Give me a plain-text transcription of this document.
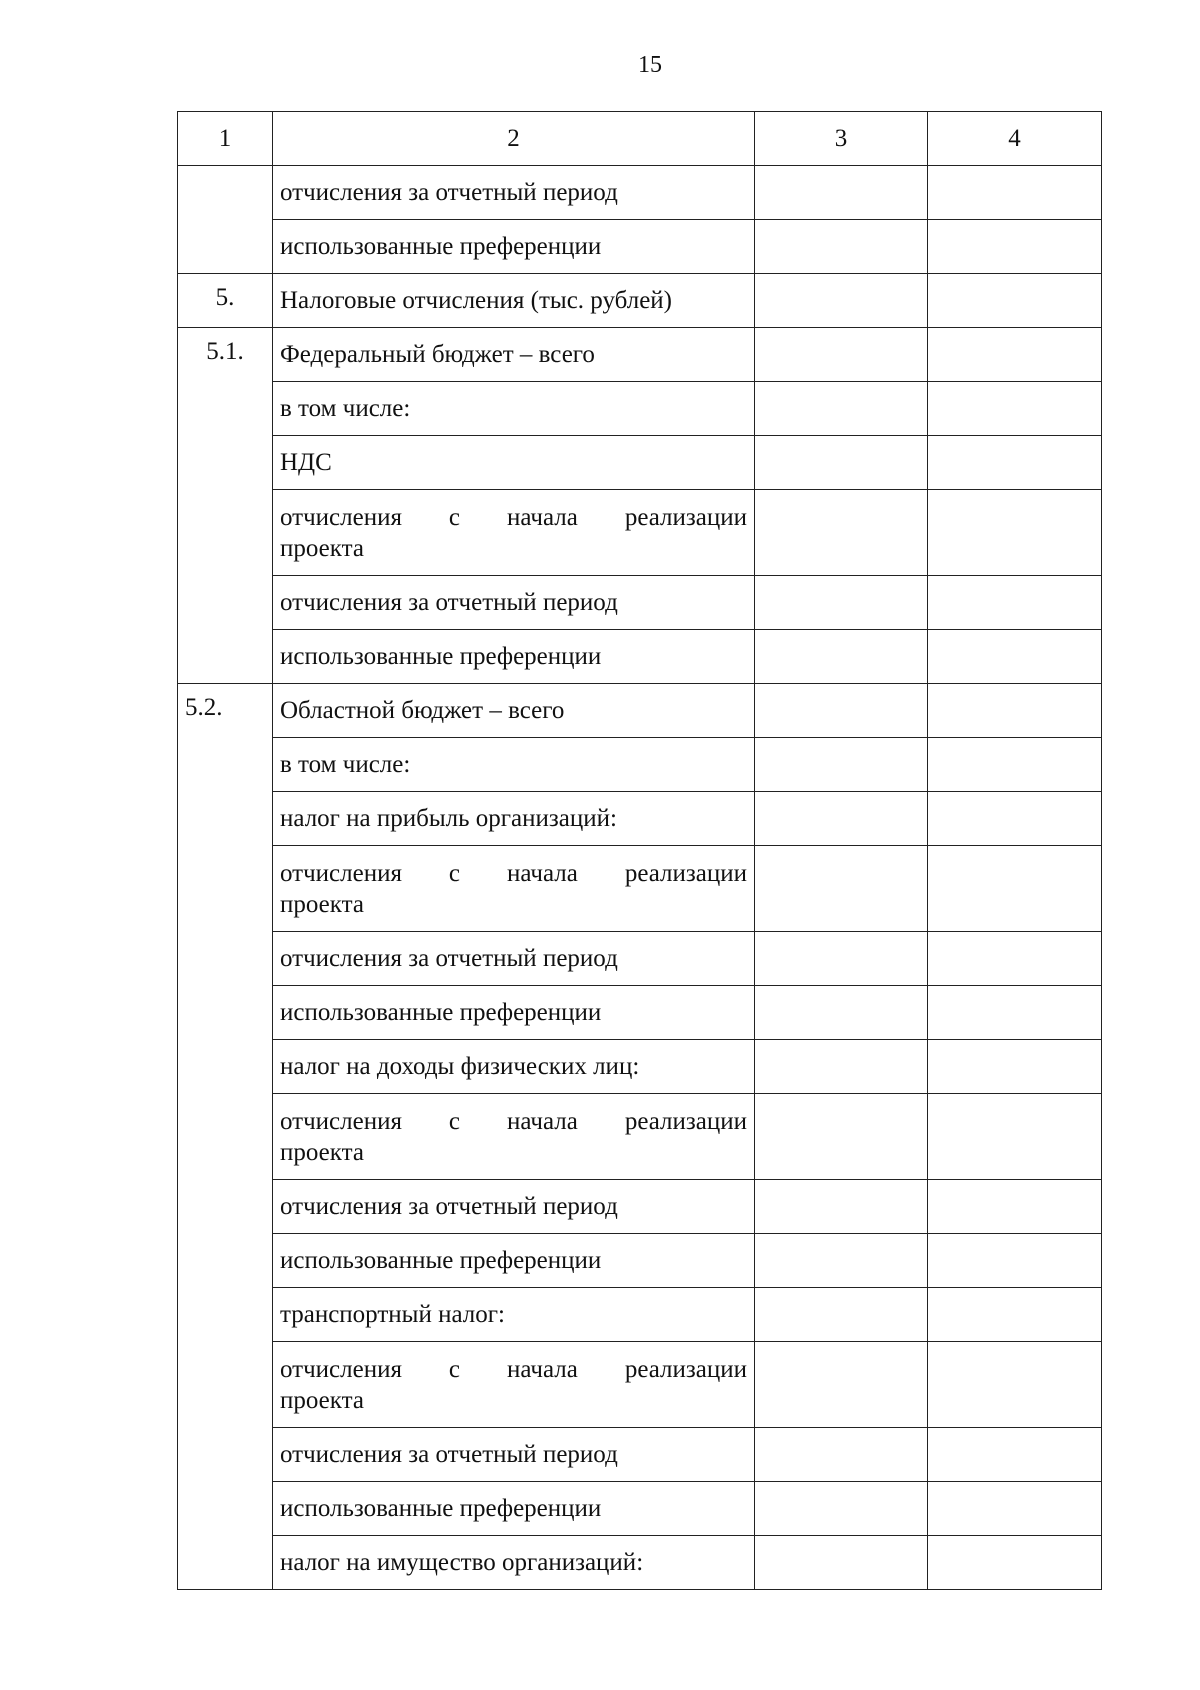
15
1	2	3	4
	отчисления за отчетный период		
	использованные преференции		
5.	Налоговые отчисления (тыс. рублей)		
5.1.	Федеральный бюджет – всего		
	в том числе:		
	НДС		

	отчисления с начала реализации
проекта		
	отчисления за отчетный период		
	использованные преференции		
5.2.	Областной бюджет – всего		
	в том числе:		
	налог на прибыль организаций:		

	отчисления с начала реализации
проекта		
	отчисления за отчетный период		
	использованные преференции		
	налог на доходы физических лиц:		

	отчисления с начала реализации
проекта		
	отчисления за отчетный период		
	использованные преференции		
	транспортный налог:		

	отчисления с начала реализации
проекта		
	отчисления за отчетный период		
	использованные преференции		
	налог на имущество организаций:		
